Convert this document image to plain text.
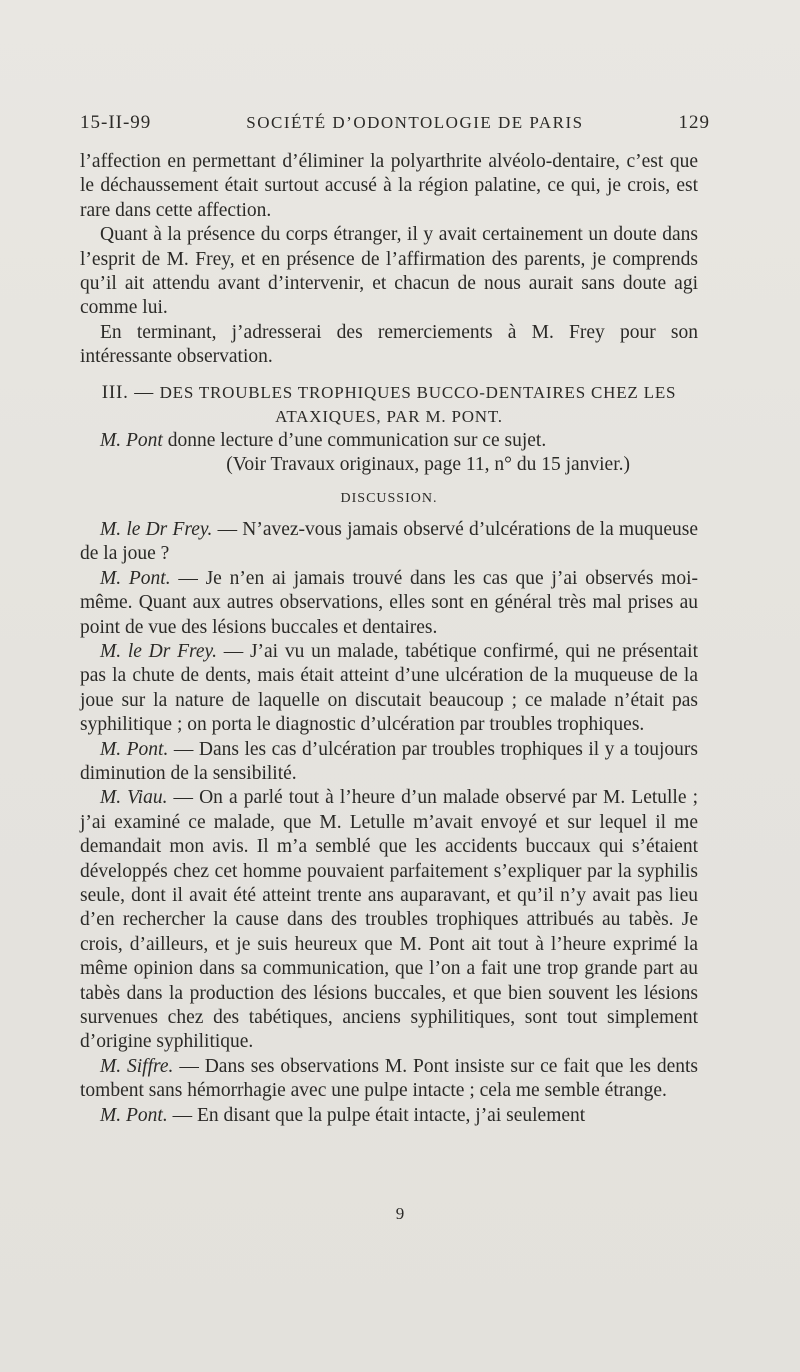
15-II-99	SOCIÉTÉ D’ODONTOLOGIE DE PARIS	129

l’affection en permettant d’éliminer la polyarthrite alvéolo-dentaire, c’est que le déchaussement était surtout accusé à la région palatine, ce qui, je crois, est rare dans cette affection.

Quant à la présence du corps étranger, il y avait certainement un doute dans l’esprit de M. Frey, et en présence de l’affirmation des parents, je comprends qu’il ait attendu avant d’intervenir, et chacun de nous aurait sans doute agi comme lui.

En terminant, j’adresserai des remerciements à M. Frey pour son intéressante observation.

III. — DES TROUBLES TROPHIQUES BUCCO-DENTAIRES CHEZ LES ATAXIQUES, PAR M. PONT.

M. Pont donne lecture d’une communication sur ce sujet.

(Voir Travaux originaux, page 11, n° du 15 janvier.)

DISCUSSION.

M. le Dr Frey. — N’avez-vous jamais observé d’ulcérations de la muqueuse de la joue ?

M. Pont. — Je n’en ai jamais trouvé dans les cas que j’ai observés moi-même. Quant aux autres observations, elles sont en général très mal prises au point de vue des lésions buccales et dentaires.

M. le Dr Frey. — J’ai vu un malade, tabétique confirmé, qui ne présentait pas la chute de dents, mais était atteint d’une ulcération de la muqueuse de la joue sur la nature de laquelle on discutait beaucoup ; ce malade n’était pas syphilitique ; on porta le diagnostic d’ulcération par troubles trophiques.

M. Pont. — Dans les cas d’ulcération par troubles trophiques il y a toujours diminution de la sensibilité.

M. Viau. — On a parlé tout à l’heure d’un malade observé par M. Letulle ; j’ai examiné ce malade, que M. Letulle m’avait envoyé et sur lequel il me demandait mon avis. Il m’a semblé que les accidents buccaux qui s’étaient développés chez cet homme pouvaient parfaitement s’expliquer par la syphilis seule, dont il avait été atteint trente ans auparavant, et qu’il n’y avait pas lieu d’en rechercher la cause dans des troubles trophiques attribués au tabès. Je crois, d’ailleurs, et je suis heureux que M. Pont ait tout à l’heure exprimé la même opinion dans sa communication, que l’on a fait une trop grande part au tabès dans la production des lésions buccales, et que bien souvent les lésions survenues chez des tabétiques, anciens syphilitiques, sont tout simplement d’origine syphilitique.

M. Siffre. — Dans ses observations M. Pont insiste sur ce fait que les dents tombent sans hémorrhagie avec une pulpe intacte ; cela me semble étrange.

M. Pont. — En disant que la pulpe était intacte, j’ai seulement

9
